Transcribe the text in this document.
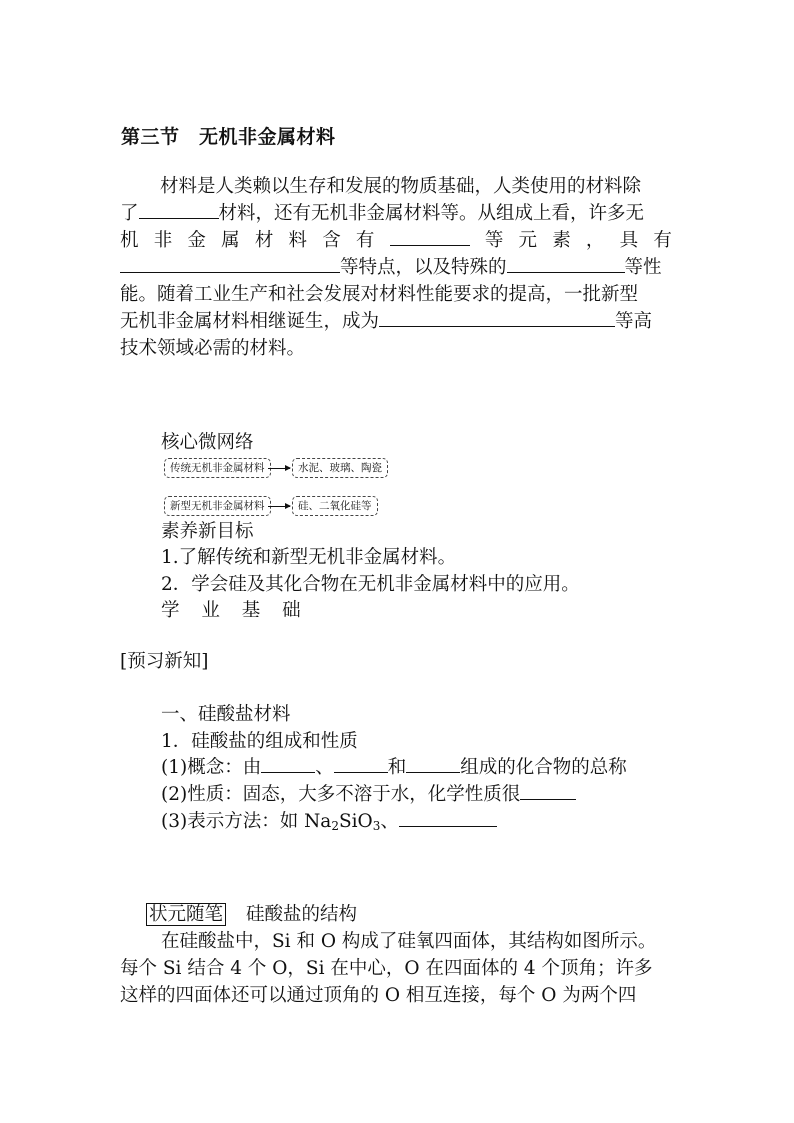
第三节　无机非金属材料
材料是人类赖以生存和发展的物质基础，人类使用的材料除
了	材料，还有无机非金属材料等。从组成上看，许多无
机 非 金 属 材 料 含 有	等 元 素 ， 具 有
等特点，以及特殊的	等性
能。随着工业生产和社会发展对材料性能要求的提高，一批新型
无机非金属材料相继诞生，成为	等高
技术领域必需的材料。
核心微网络
传统无机非金属材料	水泥、玻璃、陶瓷
新型无机非金属材料	硅、二氧化硅等
素养新目标
1.了解传统和新型无机非金属材料。
2．学会硅及其化合物在无机非金属材料中的应用。
学 业 基 础
[预习新知]
一、硅酸盐材料
1．硅酸盐的组成和性质
(1)概念：由	、	和	组成的化合物的总称
(2)性质：固态，大多不溶于水，化学性质很
(3)表示方法：如 $Na_2SiO_3$、
状元随笔 硅酸盐的结构
在硅酸盐中，Si 和 O 构成了硅氧四面体，其结构如图所示。
每个 Si 结合 4 个 O，Si 在中心，O 在四面体的 4 个顶角；许多
这样的四面体还可以通过顶角的 O 相互连接，每个 O 为两个四
